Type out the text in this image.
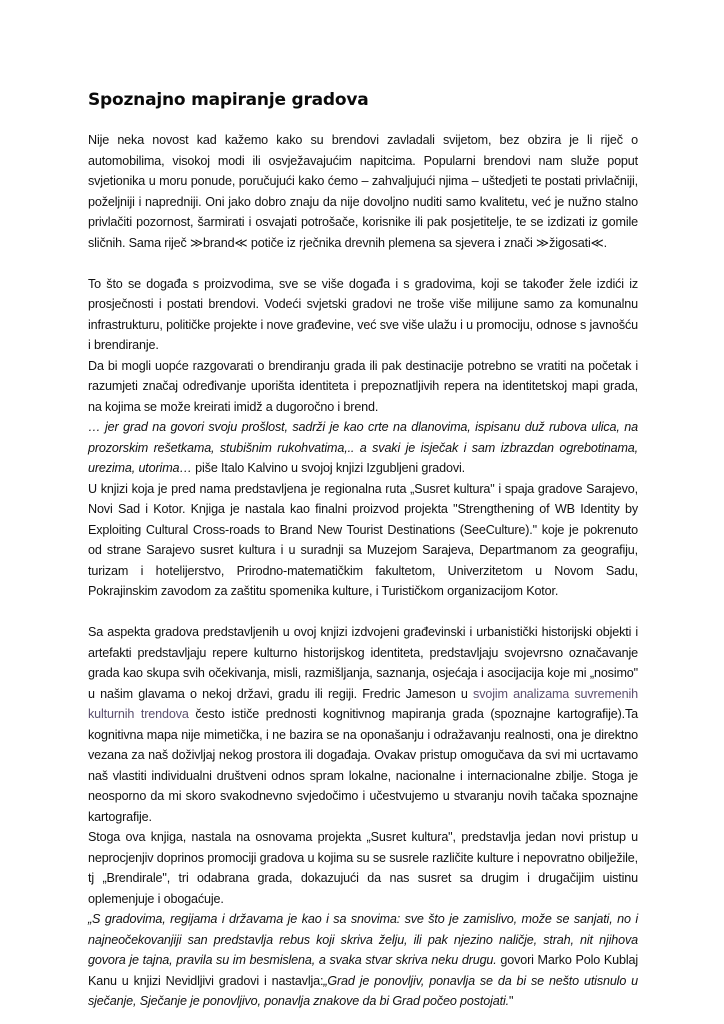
Spoznajno mapiranje gradova

Nije neka novost kad kažemo kako su brendovi zavladali svijetom, bez obzira je li riječ o automobilima, visokoj modi ili osvježavajućim napitcima. Popularni brendovi nam služe poput svjetionika u moru ponude, poručujući kako ćemo – zahvaljujući njima – uštedjeti te postati privlačniji, poželjniji i napredniji. Oni jako dobro znaju da nije dovoljno nuditi samo kvalitetu, već je nužno stalno privlačiti pozornost, šarmirati i osvajati potrošače, korisnike ili pak posjetitelje, te se izdizati iz gomile sličnih. Sama riječ ≫brand≪ potiče iz rječnika drevnih plemena sa sjevera i znači ≫žigosati≪.

To što se događa s proizvodima, sve se više događa i s gradovima, koji se također žele izdići iz prosječnosti i postati brendovi. Vodeći svjetski gradovi ne troše više milijune samo za komunalnu infrastrukturu, političke projekte i nove građevine, već sve više ulažu i u promociju, odnose s javnošću i brendiranje.

Da bi mogli uopće razgovarati o brendiranju grada ili pak destinacije potrebno se vratiti na početak i razumjeti značaj određivanje uporišta identiteta i prepoznatljivih repera na identitetskoj mapi grada, na kojima se može kreirati imidž a dugoročno i brend.

… jer grad na govori svoju prošlost, sadrži je kao crte na dlanovima, ispisanu duž rubova ulica, na prozorskim rešetkama, stubišnim rukohvatima,.. a svaki je isječak i sam izbrazdan ogrebotinama, urezima, utorima… piše Italo Kalvino u svojoj knjizi Izgubljeni gradovi.

U knjizi koja je pred nama predstavljena je regionalna ruta „Susret kultura" i spaja gradove Sarajevo, Novi Sad i Kotor. Knjiga je nastala kao finalni proizvod projekta "Strengthening of WB Identity by Exploiting Cultural Cross-roads to Brand New Tourist Destinations (SeeCulture)." koje je pokrenuto od strane Sarajevo susret kultura i u suradnji sa Muzejom Sarajeva, Departmanom za geografiju, turizam i hotelijerstvo, Prirodno-matematičkim fakultetom, Univerzitetom u Novom Sadu, Pokrajinskim zavodom za zaštitu spomenika kulture, i Turističkom organizacijom Kotor.

Sa aspekta gradova predstavljenih u ovoj knjizi izdvojeni građevinski i urbanistički historijski objekti i artefakti predstavljaju repere kulturno historijskog identiteta, predstavljaju svojevrsno označavanje grada kao skupa svih očekivanja, misli, razmišljanja, saznanja, osjećaja i asocijacija koje mi „nosimo" u našim glavama o nekoj državi, gradu ili regiji. Fredric Jameson u svojim analizama suvremenih kulturnih trendova često ističe prednosti kognitivnog mapiranja grada (spoznajne kartografije).Ta kognitivna mapa nije mimetička, i ne bazira se na oponašanju i odražavanju realnosti, ona je direktno vezana za naš doživljaj nekog prostora ili događaja. Ovakav pristup omogučava da svi mi ucrtavamo naš vlastiti individualni društveni odnos spram lokalne, nacionalne i internacionalne zbilje. Stoga je neosporno da mi skoro svakodnevno svjedočimo i učestvujemo u stvaranju novih tačaka spoznajne kartografije.

Stoga ova knjiga, nastala na osnovama projekta „Susret kultura", predstavlja jedan novi pristup u neprocjenjiv doprinos promociji gradova u kojima su se susrele različite kulture i nepovratno obilježile, tj „Brendirale", tri odabrana grada, dokazujući da nas susret sa drugim i drugačijim uistinu oplemenjuje i obogaćuje.

„S gradovima, regijama i državama je kao i sa snovima: sve što je zamislivo, može se sanjati, no i najneočekovanjiji san predstavlja rebus koji skriva želju, ili pak njezino naličje, strah, nit njihova govora je tajna, pravila su im besmislena, a svaka stvar skriva neku drugu. govori Marko Polo Kublaj Kanu u knjizi Nevidljivi gradovi i nastavlja:„Grad je ponovljiv, ponavlja se da bi se nešto utisnulo u sječanje, Sječanje je ponovljivo, ponavlja znakove da bi Grad počeo postojati."
